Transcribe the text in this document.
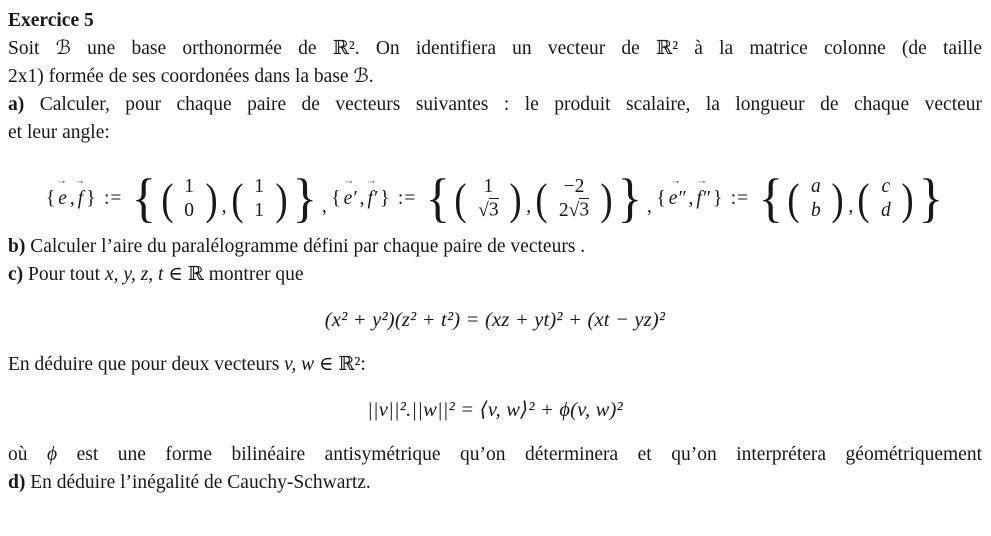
Exercice 5

Soit ℬ une base orthonormée de ℝ². On identifiera un vecteur de ℝ² à la matrice colonne (de taille

2x1) formée de ses coordonées dans la base ℬ.

a) Calculer, pour chaque paire de vecteurs suivantes : le produit scalaire, la longueur de chaque vecteur

et leur angle:

{
→
e ,
→
f } := { ( 1
0 ) , ( 1
1 ) } , {
→
e′ ,
→
f′ } := { ( 1
√3 ) , ( −2
2√3 ) } , {
→
e″ ,
→
f″ } := { ( a
b ) , ( c
d ) }

b) Calculer l’aire du paralélogramme défini par chaque paire de vecteurs .

c) Pour tout x, y, z, t ∈ ℝ montrer que

(x² + y²)(z² + t²) = (xz + yt)² + (xt − yz)²

En déduire que pour deux vecteurs v, w ∈ ℝ²:

||v||².||w||² = ⟨v, w⟩² + ϕ(v, w)²

où ϕ est une forme bilinéaire antisymétrique qu’on déterminera et qu’on interprétera géométriquement

d) En déduire l’inégalité de Cauchy-Schwartz.
